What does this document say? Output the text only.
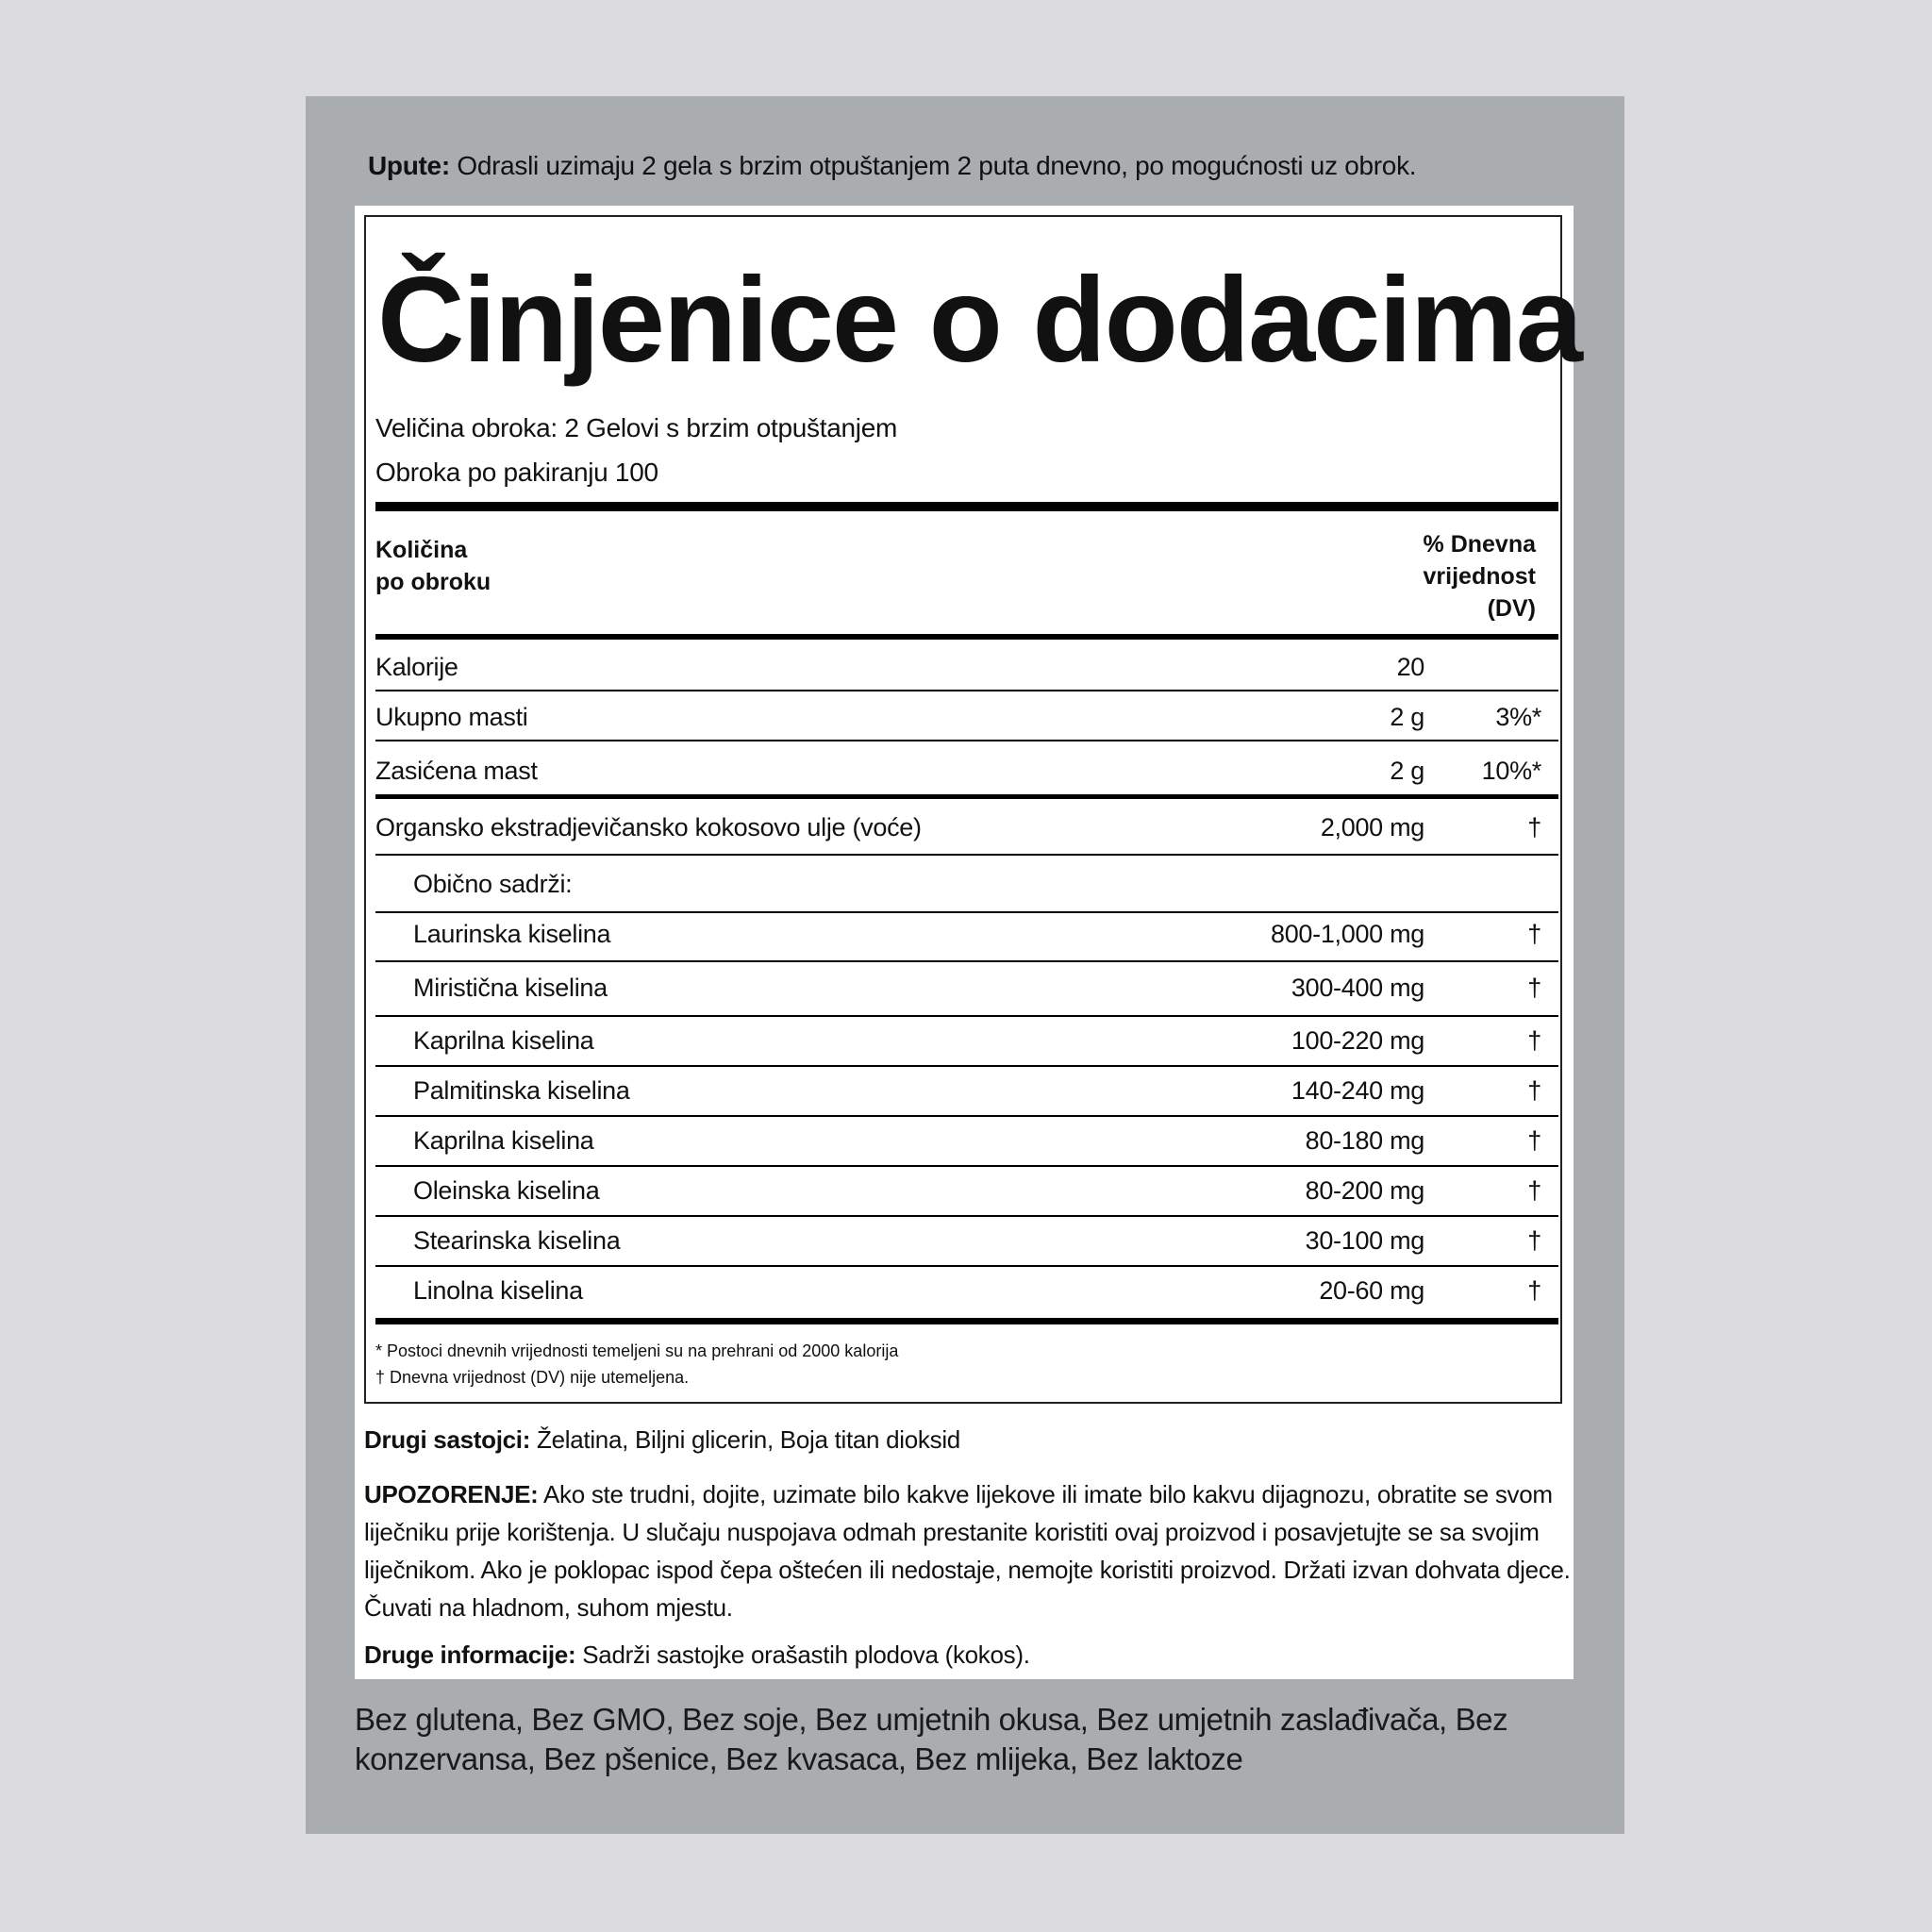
Upute: Odrasli uzimaju 2 gela s brzim otpuštanjem 2 puta dnevno, po mogućnosti uz obrok.
Činjenice o dodacima
Veličina obroka: 2 Gelovi s brzim otpuštanjem
Obroka po pakiranju 100
Količina
po obroku
% Dnevna
vrijednost
(DV)
Kalorije	20
Ukupno masti	2 g	3%*
Zasićena mast	2 g 10%*
Organsko ekstradjevičansko kokosovo ulje (voće)	2,000 mg	†
Obično sadrži:
Laurinska kiselina	800-1,000 mg	†
Miristična kiselina	300-400 mg	†
Kaprilna kiselina	100-220 mg	†
Palmitinska kiselina	140-240 mg	†
Kaprilna kiselina	80-180 mg	†
Oleinska kiselina	80-200 mg	†
Stearinska kiselina	30-100 mg	†
Linolna kiselina	20-60 mg	†
* Postoci dnevnih vrijednosti temeljeni su na prehrani od 2000 kalorija
† Dnevna vrijednost (DV) nije utemeljena.
Drugi sastojci: Želatina, Biljni glicerin, Boja titan dioksid
UPOZORENJE: Ako ste trudni, dojite, uzimate bilo kakve lijekove ili imate bilo kakvu dijagnozu, obratite se svom liječniku prije korištenja. U slučaju nuspojava odmah prestanite koristiti ovaj proizvod i posavjetujte se sa svojim liječnikom. Ako je poklopac ispod čepa oštećen ili nedostaje, nemojte koristiti proizvod. Držati izvan dohvata djece. Čuvati na hladnom, suhom mjestu.
Druge informacije: Sadrži sastojke orašastih plodova (kokos).
Bez glutena, Bez GMO, Bez soje, Bez umjetnih okusa, Bez umjetnih zaslađivača, Bez konzervansa, Bez pšenice, Bez kvasaca, Bez mlijeka, Bez laktoze
